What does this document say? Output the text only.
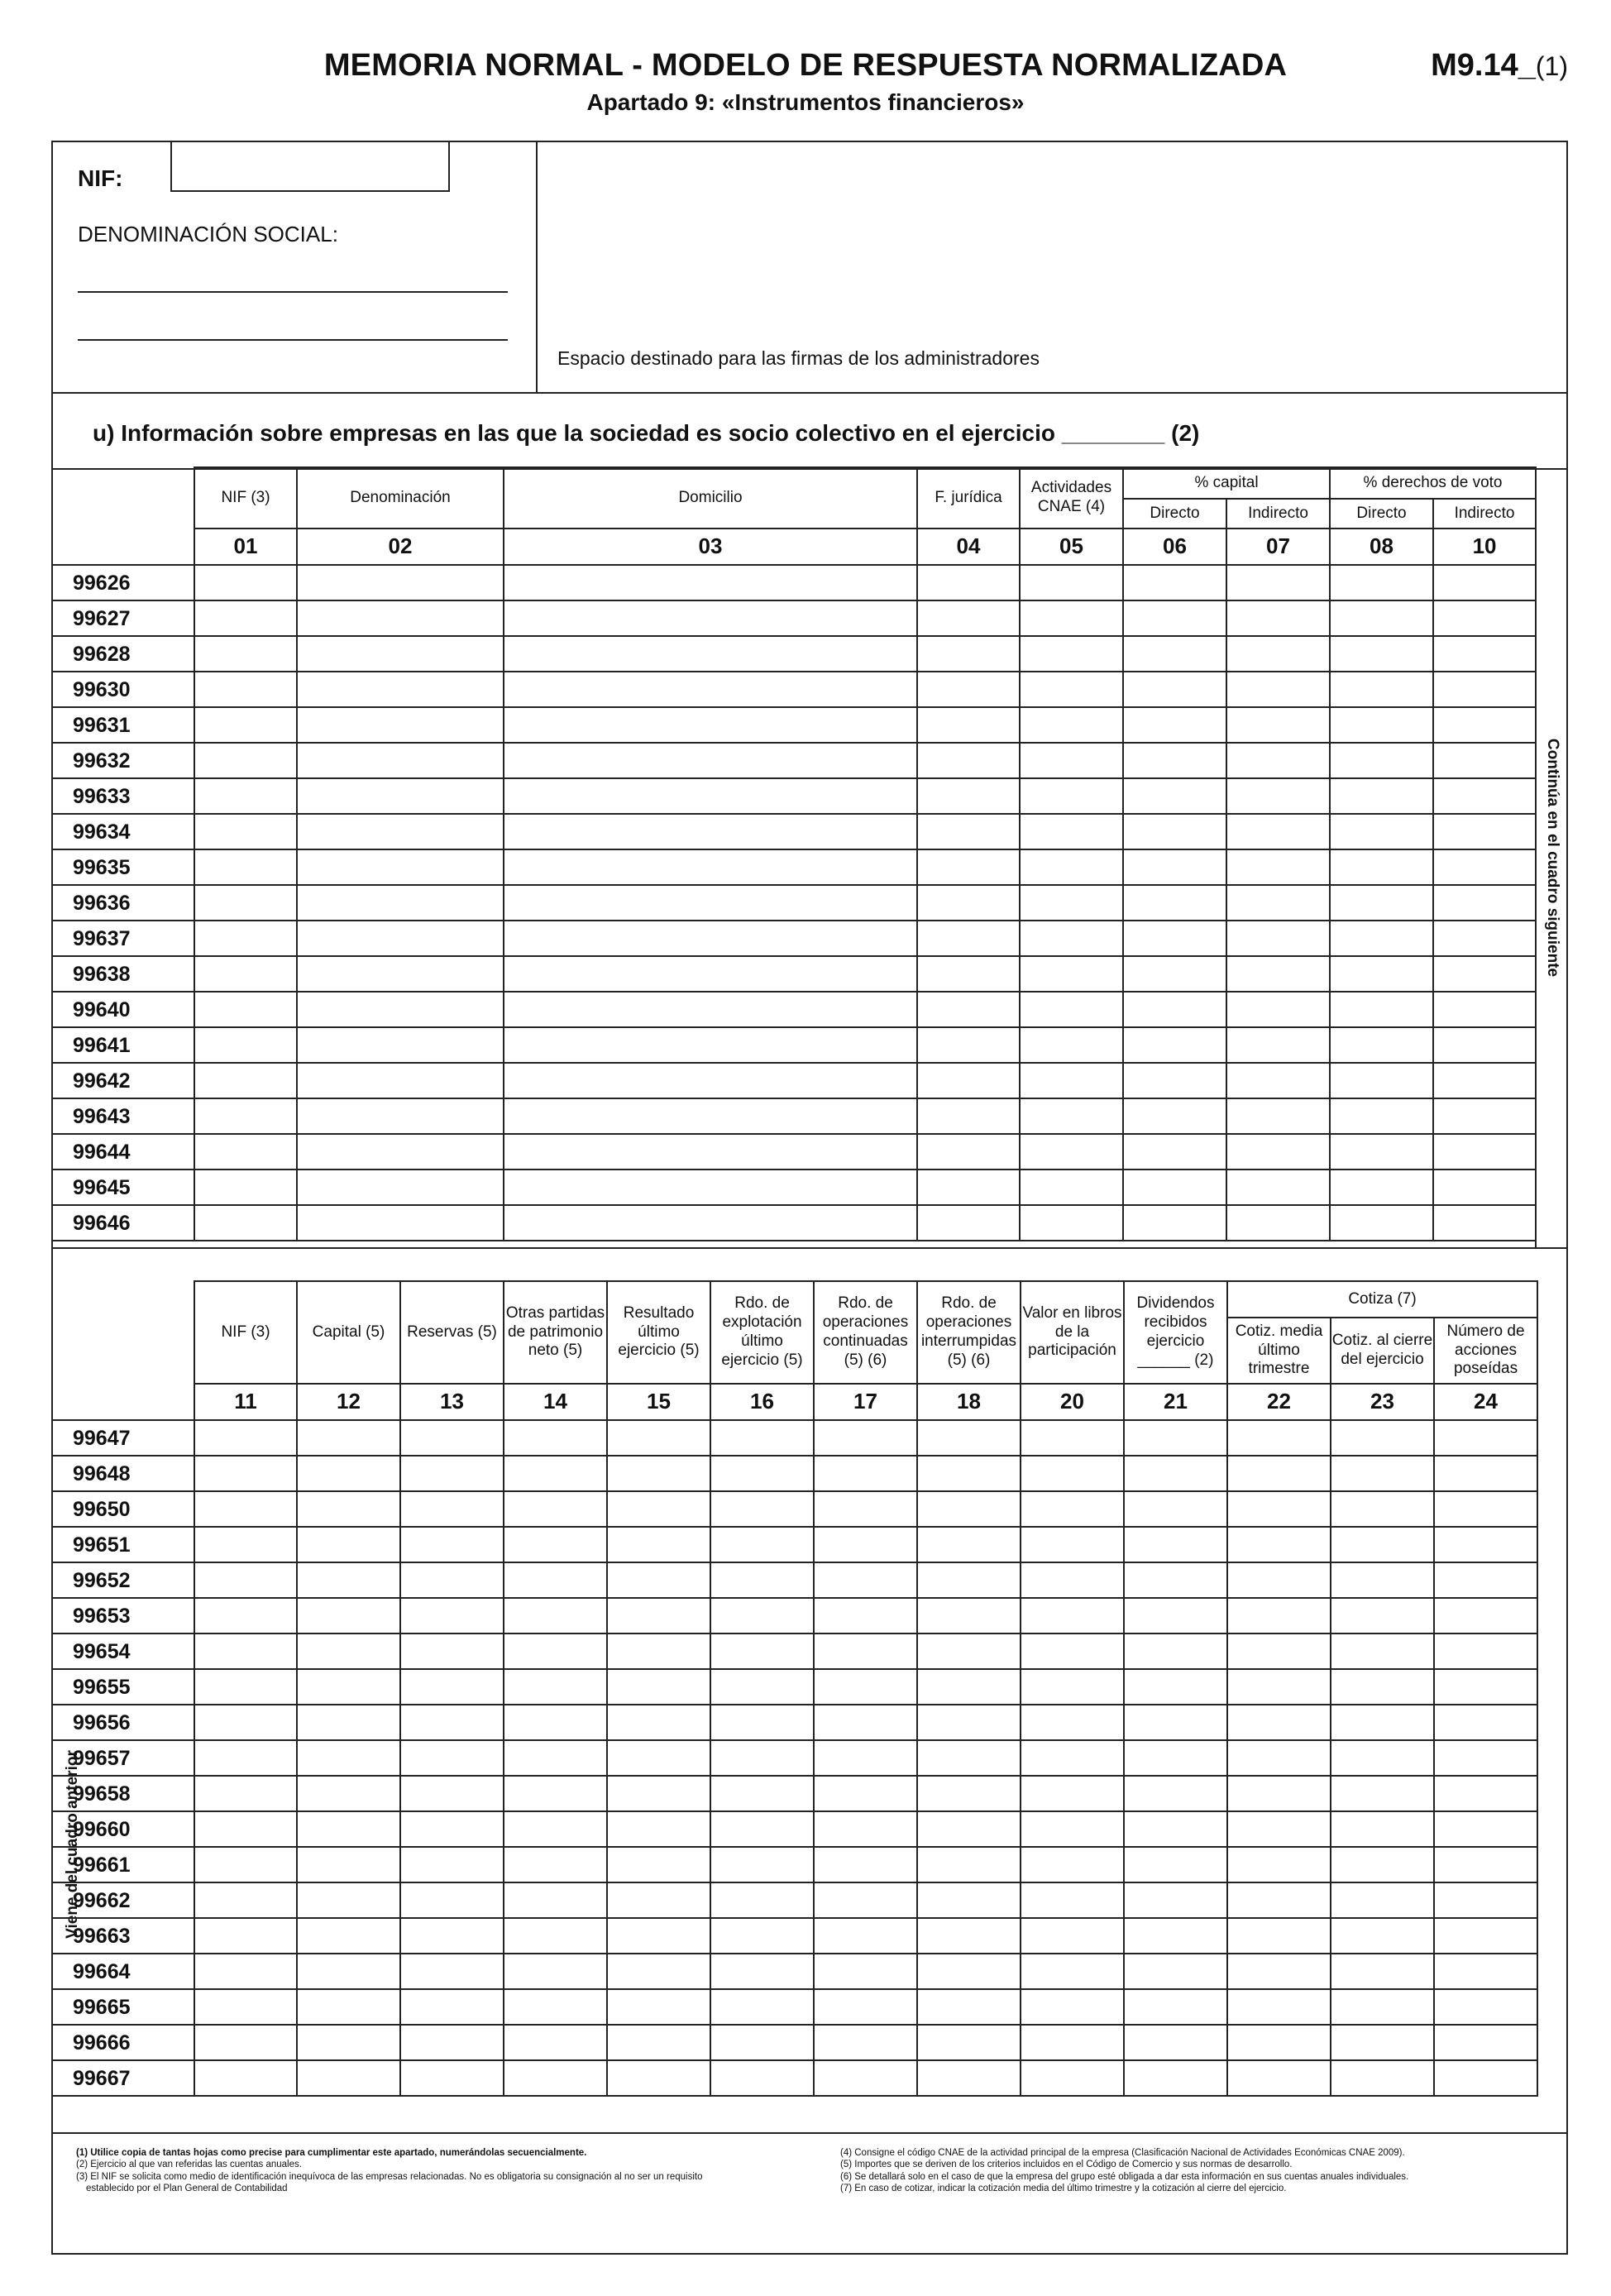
MEMORIA NORMAL - MODELO DE RESPUESTA NORMALIZADA
Apartado 9: «Instrumentos financieros»
M9.14_(1)
NIF:
DENOMINACIÓN SOCIAL:
Espacio destinado para las firmas de los administradores
u) Información sobre empresas en las que la sociedad es socio colectivo en el ejercicio ________ (2)
Continúa en el cuadro siguiente
Viene del cuadro anterior
(1) Utilice copia de tantas hojas como precise para cumplimentar este apartado, numerándolas secuencialmente.
(2) Ejercicio al que van referidas las cuentas anuales.
(3) El NIF se solicita como medio de identificación inequívoca de las empresas relacionadas. No es obligatoria su consignación al no ser un requisito
establecido por el Plan General de Contabilidad
(4) Consigne el código CNAE de la actividad principal de la empresa (Clasificación Nacional de Actividades Económicas CNAE 2009).
(5) Importes que se deriven de los criterios incluidos en el Código de Comercio y sus normas de desarrollo.
(6) Se detallará solo en el caso de que la empresa del grupo esté obligada a dar esta información en sus cuentas anuales individuales.
(7) En caso de cotizar, indicar la cotización media del último trimestre y la cotización al cierre del ejercicio.
	NIF (3)	Denominación	Domicilio	F. jurídica	Actividades CNAE (4)	% capital		% derechos de voto	
						Directo	Indirecto	Directo	Indirecto
	01	02	03	04	05	06	07	08	10
99626									
99627									
99628									
99630									
99631									
99632									
99633									
99634									
99635									
99636									
99637									
99638									
99640									
99641									
99642									
99643									
99644									
99645									
99646									
	NIF (3)	Capital (5)	Reservas (5)	Otras partidas de patrimonio neto (5)	Resultado último ejercicio (5)	Rdo. de explotación último ejercicio (5)	Rdo. de operaciones continuadas (5) (6)	Rdo. de operaciones interrumpidas (5) (6)	Valor en libros de la participación	Dividendos recibidos ejercicio ______ (2)	Cotiza (7)		
											Cotiz. media último trimestre	Cotiz. al cierre del ejercicio	Número de acciones poseídas
	11	12	13	14	15	16	17	18	20	21	22	23	24
99647													
99648													
99650													
99651													
99652													
99653													
99654													
99655													
99656													
99657													
99658													
99660													
99661													
99662													
99663													
99664													
99665													
99666													
99667													
